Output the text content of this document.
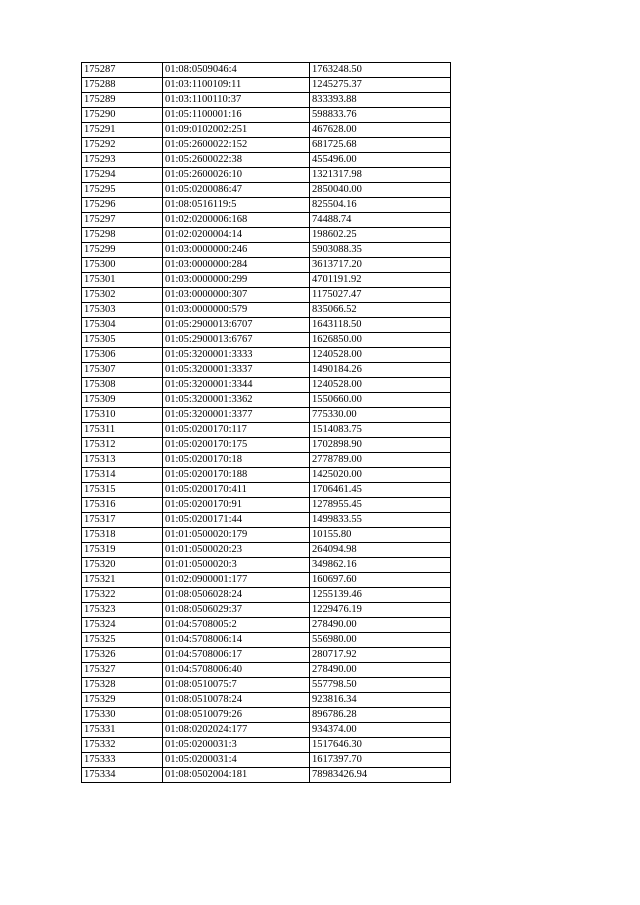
175287	01:08:0509046:4	1763248.50
175288	01:03:1100109:11	1245275.37
175289	01:03:1100110:37	833393.88
175290	01:05:1100001:16	598833.76
175291	01:09:0102002:251	467628.00
175292	01:05:2600022:152	681725.68
175293	01:05:2600022:38	455496.00
175294	01:05:2600026:10	1321317.98
175295	01:05:0200086:47	2850040.00
175296	01:08:0516119:5	825504.16
175297	01:02:0200006:168	74488.74
175298	01:02:0200004:14	198602.25
175299	01:03:0000000:246	5903088.35
175300	01:03:0000000:284	3613717.20
175301	01:03:0000000:299	4701191.92
175302	01:03:0000000:307	1175027.47
175303	01:03:0000000:579	835066.52
175304	01:05:2900013:6707	1643118.50
175305	01:05:2900013:6767	1626850.00
175306	01:05:3200001:3333	1240528.00
175307	01:05:3200001:3337	1490184.26
175308	01:05:3200001:3344	1240528.00
175309	01:05:3200001:3362	1550660.00
175310	01:05:3200001:3377	775330.00
175311	01:05:0200170:117	1514083.75
175312	01:05:0200170:175	1702898.90
175313	01:05:0200170:18	2778789.00
175314	01:05:0200170:188	1425020.00
175315	01:05:0200170:411	1706461.45
175316	01:05:0200170:91	1278955.45
175317	01:05:0200171:44	1499833.55
175318	01:01:0500020:179	10155.80
175319	01:01:0500020:23	264094.98
175320	01:01:0500020:3	349862.16
175321	01:02:0900001:177	160697.60
175322	01:08:0506028:24	1255139.46
175323	01:08:0506029:37	1229476.19
175324	01:04:5708005:2	278490.00
175325	01:04:5708006:14	556980.00
175326	01:04:5708006:17	280717.92
175327	01:04:5708006:40	278490.00
175328	01:08:0510075:7	557798.50
175329	01:08:0510078:24	923816.34
175330	01:08:0510079:26	896786.28
175331	01:08:0202024:177	934374.00
175332	01:05:0200031:3	1517646.30
175333	01:05:0200031:4	1617397.70
175334	01:08:0502004:181	78983426.94
